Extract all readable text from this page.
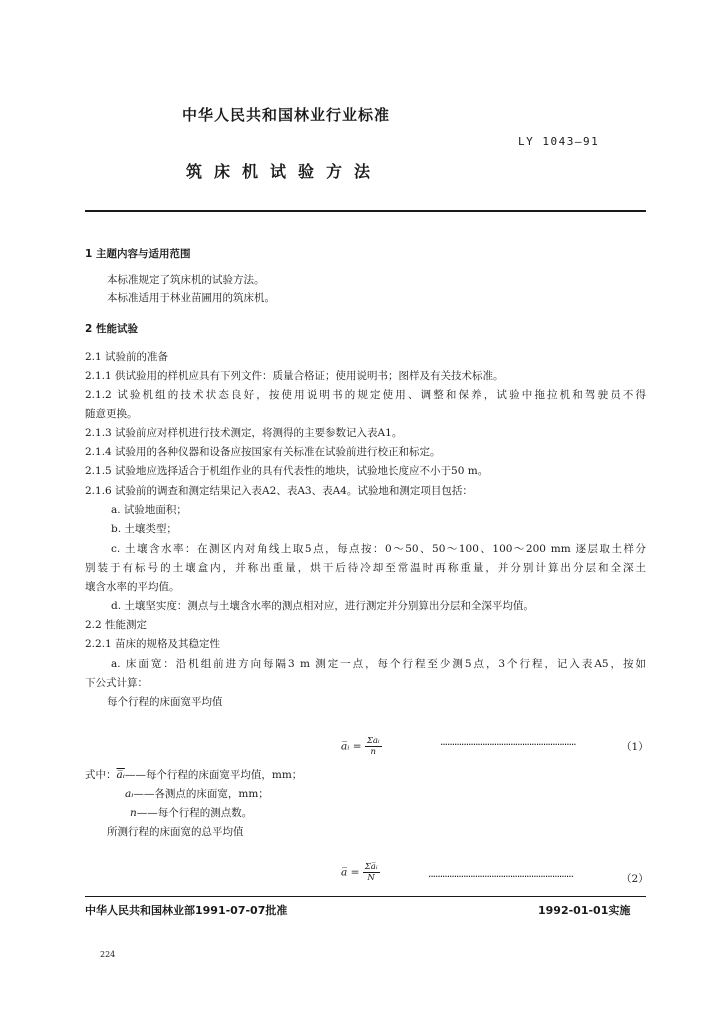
中华人民共和国林业行业标准
LY 1043—91
筑床机试验方法
1 主题内容与适用范围
本标准规定了筑床机的试验方法。
本标准适用于林业苗圃用的筑床机。
2 性能试验
2.1 试验前的准备
2.1.1 供试验用的样机应具有下列文件：质量合格证；使用说明书；图样及有关技术标准。
2.1.2 试验机组的技术状态良好，按使用说明书的规定使用、调整和保养，试验中拖拉机和驾驶员不得
随意更换。
2.1.3 试验前应对样机进行技术测定，将测得的主要参数记入表A1。
2.1.4 试验用的各种仪器和设备应按国家有关标准在试验前进行校正和标定。
2.1.5 试验地应选择适合于机组作业的具有代表性的地块，试验地长度应不小于50 m。
2.1.6 试验前的调查和测定结果记入表A2、表A3、表A4。试验地和测定项目包括：
a. 试验地面积；
b. 土壤类型；
c. 土壤含水率：在测区内对角线上取5点，每点按：0～50、50～100、100～200 mm 逐层取土样分
别装于有标号的土壤盒内，并称出重量，烘干后待冷却至常温时再称重量，并分别计算出分层和全深土
壤含水率的平均值。
d. 土壤坚实度：测点与土壤含水率的测点相对应，进行测定并分别算出分层和全深平均值。
2.2 性能测定
2.2.1 苗床的规格及其稳定性
a. 床面宽：沿机组前进方向每隔3 m 测定一点，每个行程至少测5点，3个行程，记入表A5，按如
下公式计算：
每个行程的床面宽平均值
a̅ᵢ = $\frac{\text{Σaᵢ}}{n}$	··························································	（1）
式中：a̅ᵢ——每个行程的床面宽平均值，mm；
aᵢ——各测点的床面宽，mm；
n——每个行程的测点数。
所测行程的床面宽的总平均值
a̅ = $\frac{\text{Σa̅ᵢ}}{N}$	······························································	（2）
中华人民共和国林业部1991-07-07批准	1992-01-01实施
224
